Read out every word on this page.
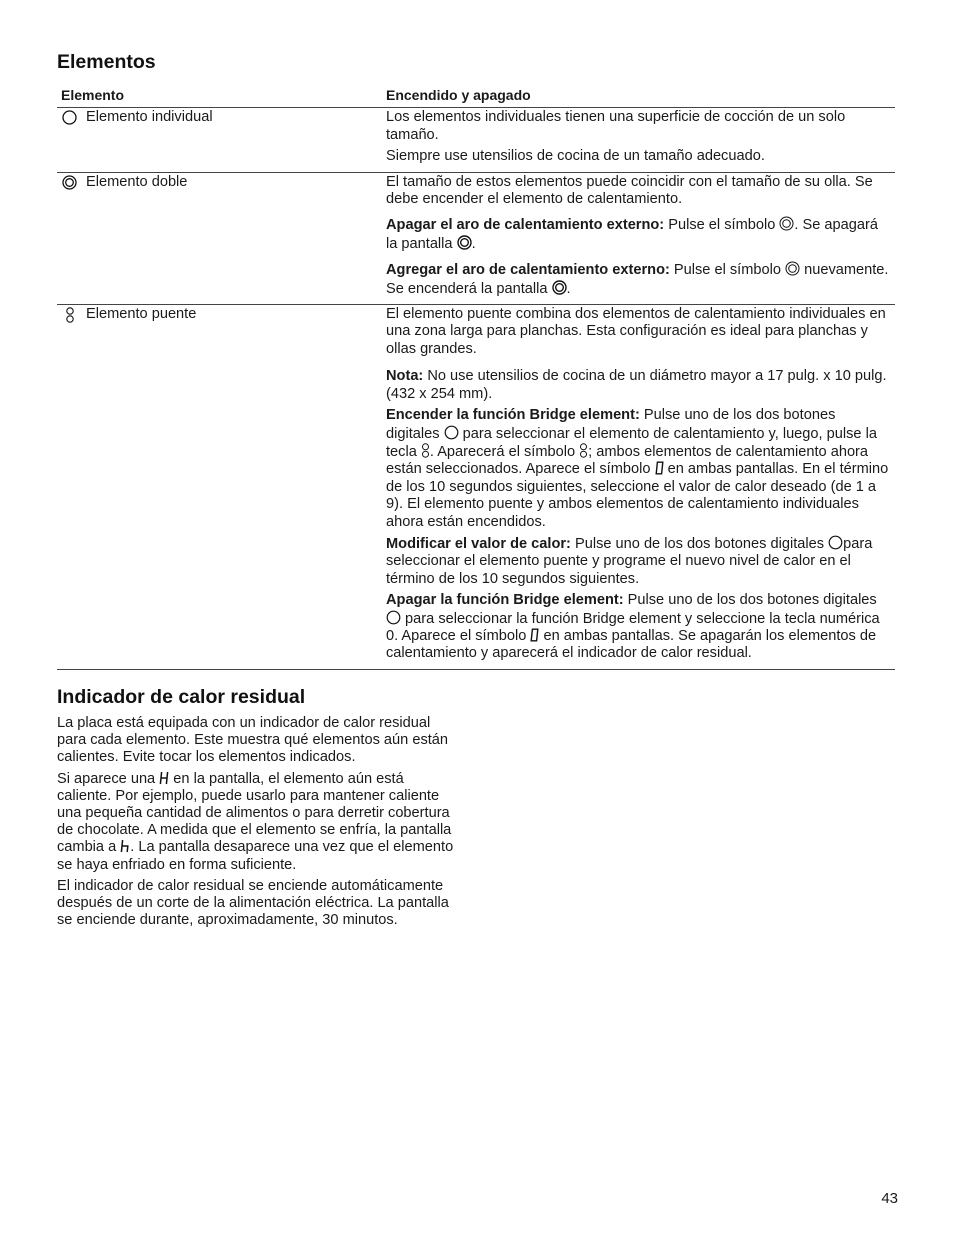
Elementos
Elemento	Encendido y apagado

Elemento individual	Los elementos individuales tienen una superficie de cocción de un solo tamaño.

Siempre use utensilios de cocina de un tamaño adecuado.

Elemento doble	El tamaño de estos elementos puede coincidir con el tamaño de su olla. Se debe encender el elemento de calentamiento.

Apagar el aro de calentamiento externo: Pulse el símbolo . Se apagará la pantalla .

Agregar el aro de calentamiento externo: Pulse el símbolo  nuevamente. Se encenderá la pantalla .

Elemento puente	El elemento puente combina dos elementos de calentamiento individuales en una zona larga para planchas. Esta configuración es ideal para planchas y ollas grandes.

Nota: No use utensilios de cocina de un diámetro mayor a 17 pulg. x 10 pulg. (432 x 254 mm).

Encender la función Bridge element: Pulse uno de los dos botones digitales  para seleccionar el elemento de calentamiento y, luego, pulse la tecla . Aparecerá el símbolo ; ambos elementos de calentamiento ahora están seleccionados. Aparece el símbolo  en ambas pantallas. En el término de los 10 segundos siguientes, seleccione el valor de calor deseado (de 1 a 9). El elemento puente y ambos elementos de calentamiento individuales ahora están encendidos.

Modificar el valor de calor: Pulse uno de los dos botones digitales para seleccionar el elemento puente y programe el nuevo nivel de calor en el término de los 10 segundos siguientes.

Apagar la función Bridge element: Pulse uno de los dos botones digitales  para seleccionar la función Bridge element y seleccione la tecla numérica 0. Aparece el símbolo  en ambas pantallas. Se apagarán los elementos de calentamiento y aparecerá el indicador de calor residual.

Indicador de calor residual

La placa está equipada con un indicador de calor residual para cada elemento. Este muestra qué elementos aún están calientes. Evite tocar los elementos indicados.

Si aparece una  en la pantalla, el elemento aún está caliente. Por ejemplo, puede usarlo para mantener caliente una pequeña cantidad de alimentos o para derretir cobertura de chocolate. A medida que el elemento se enfría, la pantalla cambia a . La pantalla desaparece una vez que el elemento se haya enfriado en forma suficiente.

El indicador de calor residual se enciende automáticamente después de un corte de la alimentación eléctrica. La pantalla se enciende durante, aproximadamente, 30 minutos.

43
